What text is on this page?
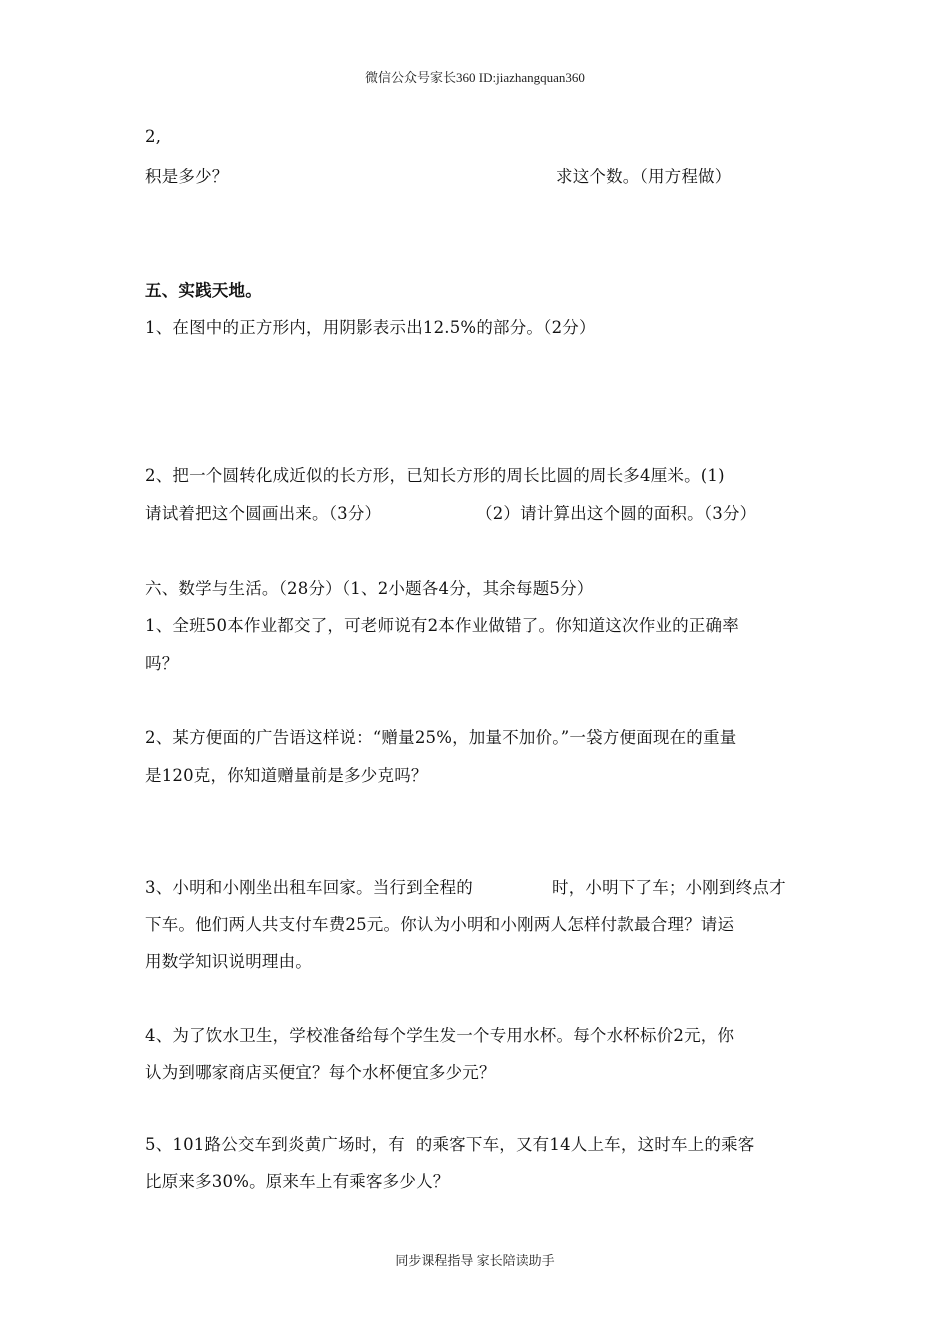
微信公众号家长360 ID:jiazhangquan360
2,
积是多少？	求这个数。（用方程做）
五、实践天地。
1、在图中的正方形内，用阴影表示出12.5%的部分。（2分）
2、把一个圆转化成近似的长方形，已知长方形的周长比圆的周长多4厘米。(1)
请试着把这个圆画出来。（3分）	（2）请计算出这个圆的面积。（3分）
六、数学与生活。（28分）（1、2小题各4分，其余每题5分）
1、全班50本作业都交了，可老师说有2本作业做错了。你知道这次作业的正确率
吗？
2、某方便面的广告语这样说：“赠量25%，加量不加价。”一袋方便面现在的重量
是120克，你知道赠量前是多少克吗？
3、小明和小刚坐出租车回家。当行到全程的	时，小明下了车；小刚到终点才
下车。他们两人共支付车费25元。你认为小明和小刚两人怎样付款最合理？请运
用数学知识说明理由。
4、为了饮水卫生，学校准备给每个学生发一个专用水杯。每个水杯标价2元，你
认为到哪家商店买便宜？每个水杯便宜多少元？
5、101路公交车到炎黄广场时，有  的乘客下车，又有14人上车，这时车上的乘客
比原来多30%。原来车上有乘客多少人？
同步课程指导 家长陪读助手
